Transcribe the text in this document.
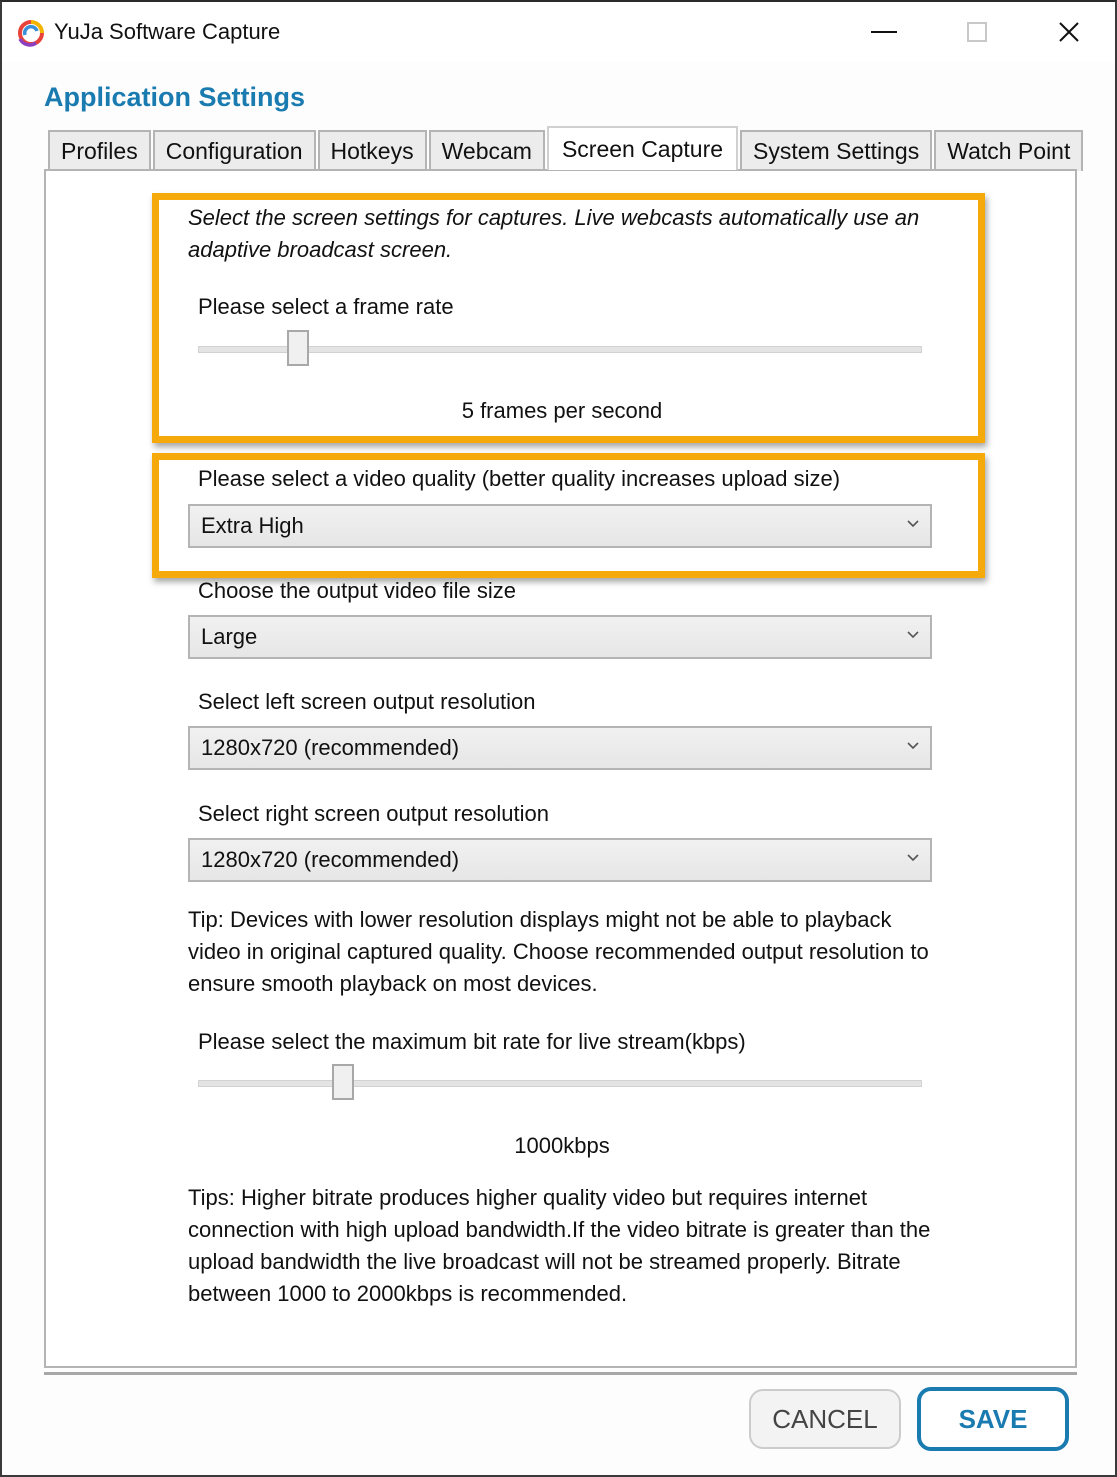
YuJa Software Capture
Application Settings
Profiles	Configuration	Hotkeys	Webcam	Screen Capture	System Settings	Watch Point
Select the screen settings for captures. Live webcasts automatically use an adaptive broadcast screen.
Please select a frame rate
5 frames per second
Please select a video quality (better quality increases upload size)
Extra High
Choose the output video file size
Large
Select left screen output resolution
1280x720 (recommended)
Select right screen output resolution
1280x720 (recommended)
Tip: Devices with lower resolution displays might not be able to playback video in original captured quality. Choose recommended output resolution to ensure smooth playback on most devices.
Please select the maximum bit rate for live stream(kbps)
1000kbps
Tips: Higher bitrate produces higher quality video but requires internet connection with high upload bandwidth.If the video bitrate is greater than the upload bandwidth the live broadcast will not be streamed properly. Bitrate between 1000 to 2000kbps is recommended.
CANCEL	SAVE
